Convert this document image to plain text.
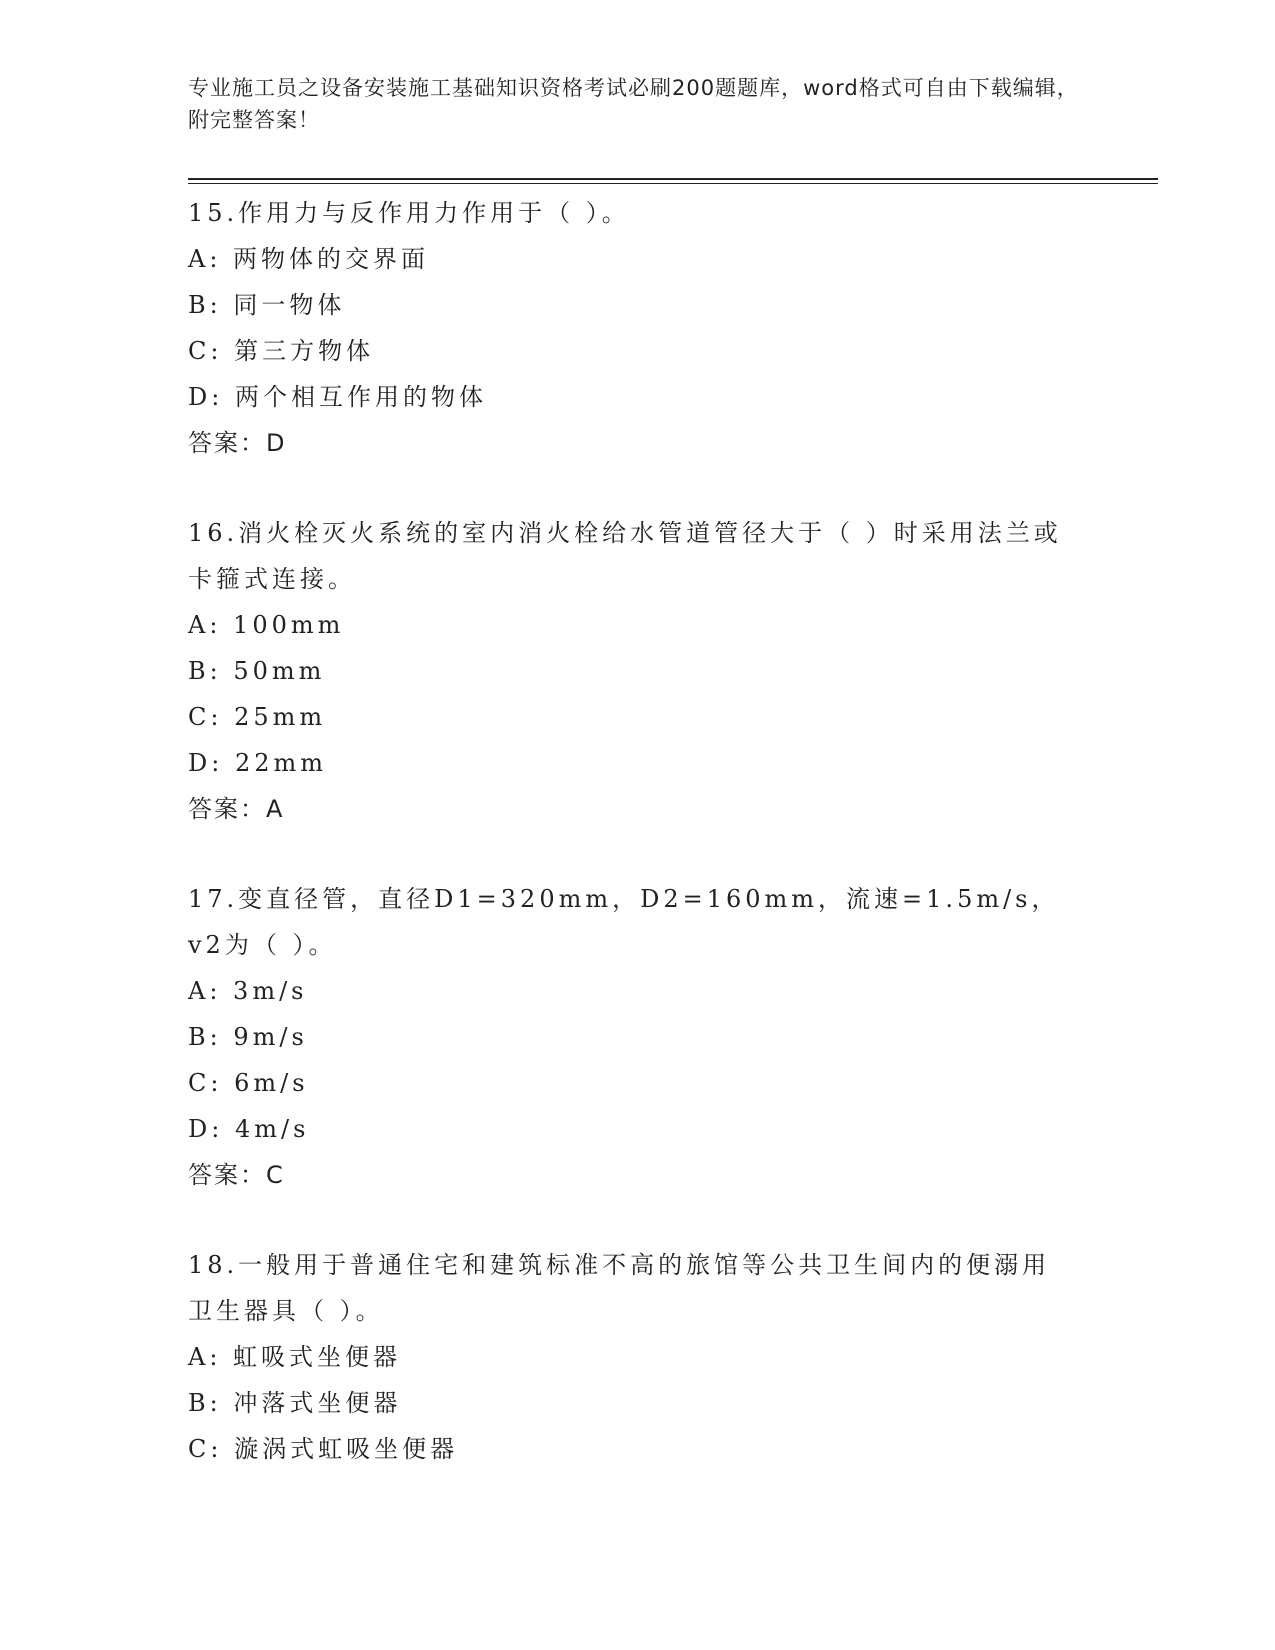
专业施工员之设备安装施工基础知识资格考试必刷200题题库，word格式可自由下载编辑，附完整答案！
15.作用力与反作用力作用于（ ）。
A: 两物体的交界面
B: 同一物体
C: 第三方物体
D: 两个相互作用的物体
答案：D
16.消火栓灭火系统的室内消火栓给水管道管径大于（ ）时采用法兰或卡箍式连接。
A: 100mm
B: 50mm
C: 25mm
D: 22mm
答案：A
17.变直径管，直径D1=320mm，D2=160mm，流速=1.5m/s，v2为（ ）。
A: 3m/s
B: 9m/s
C: 6m/s
D: 4m/s
答案：C
18.一般用于普通住宅和建筑标准不高的旅馆等公共卫生间内的便溺用卫生器具（ ）。
A: 虹吸式坐便器
B: 冲落式坐便器
C: 漩涡式虹吸坐便器
